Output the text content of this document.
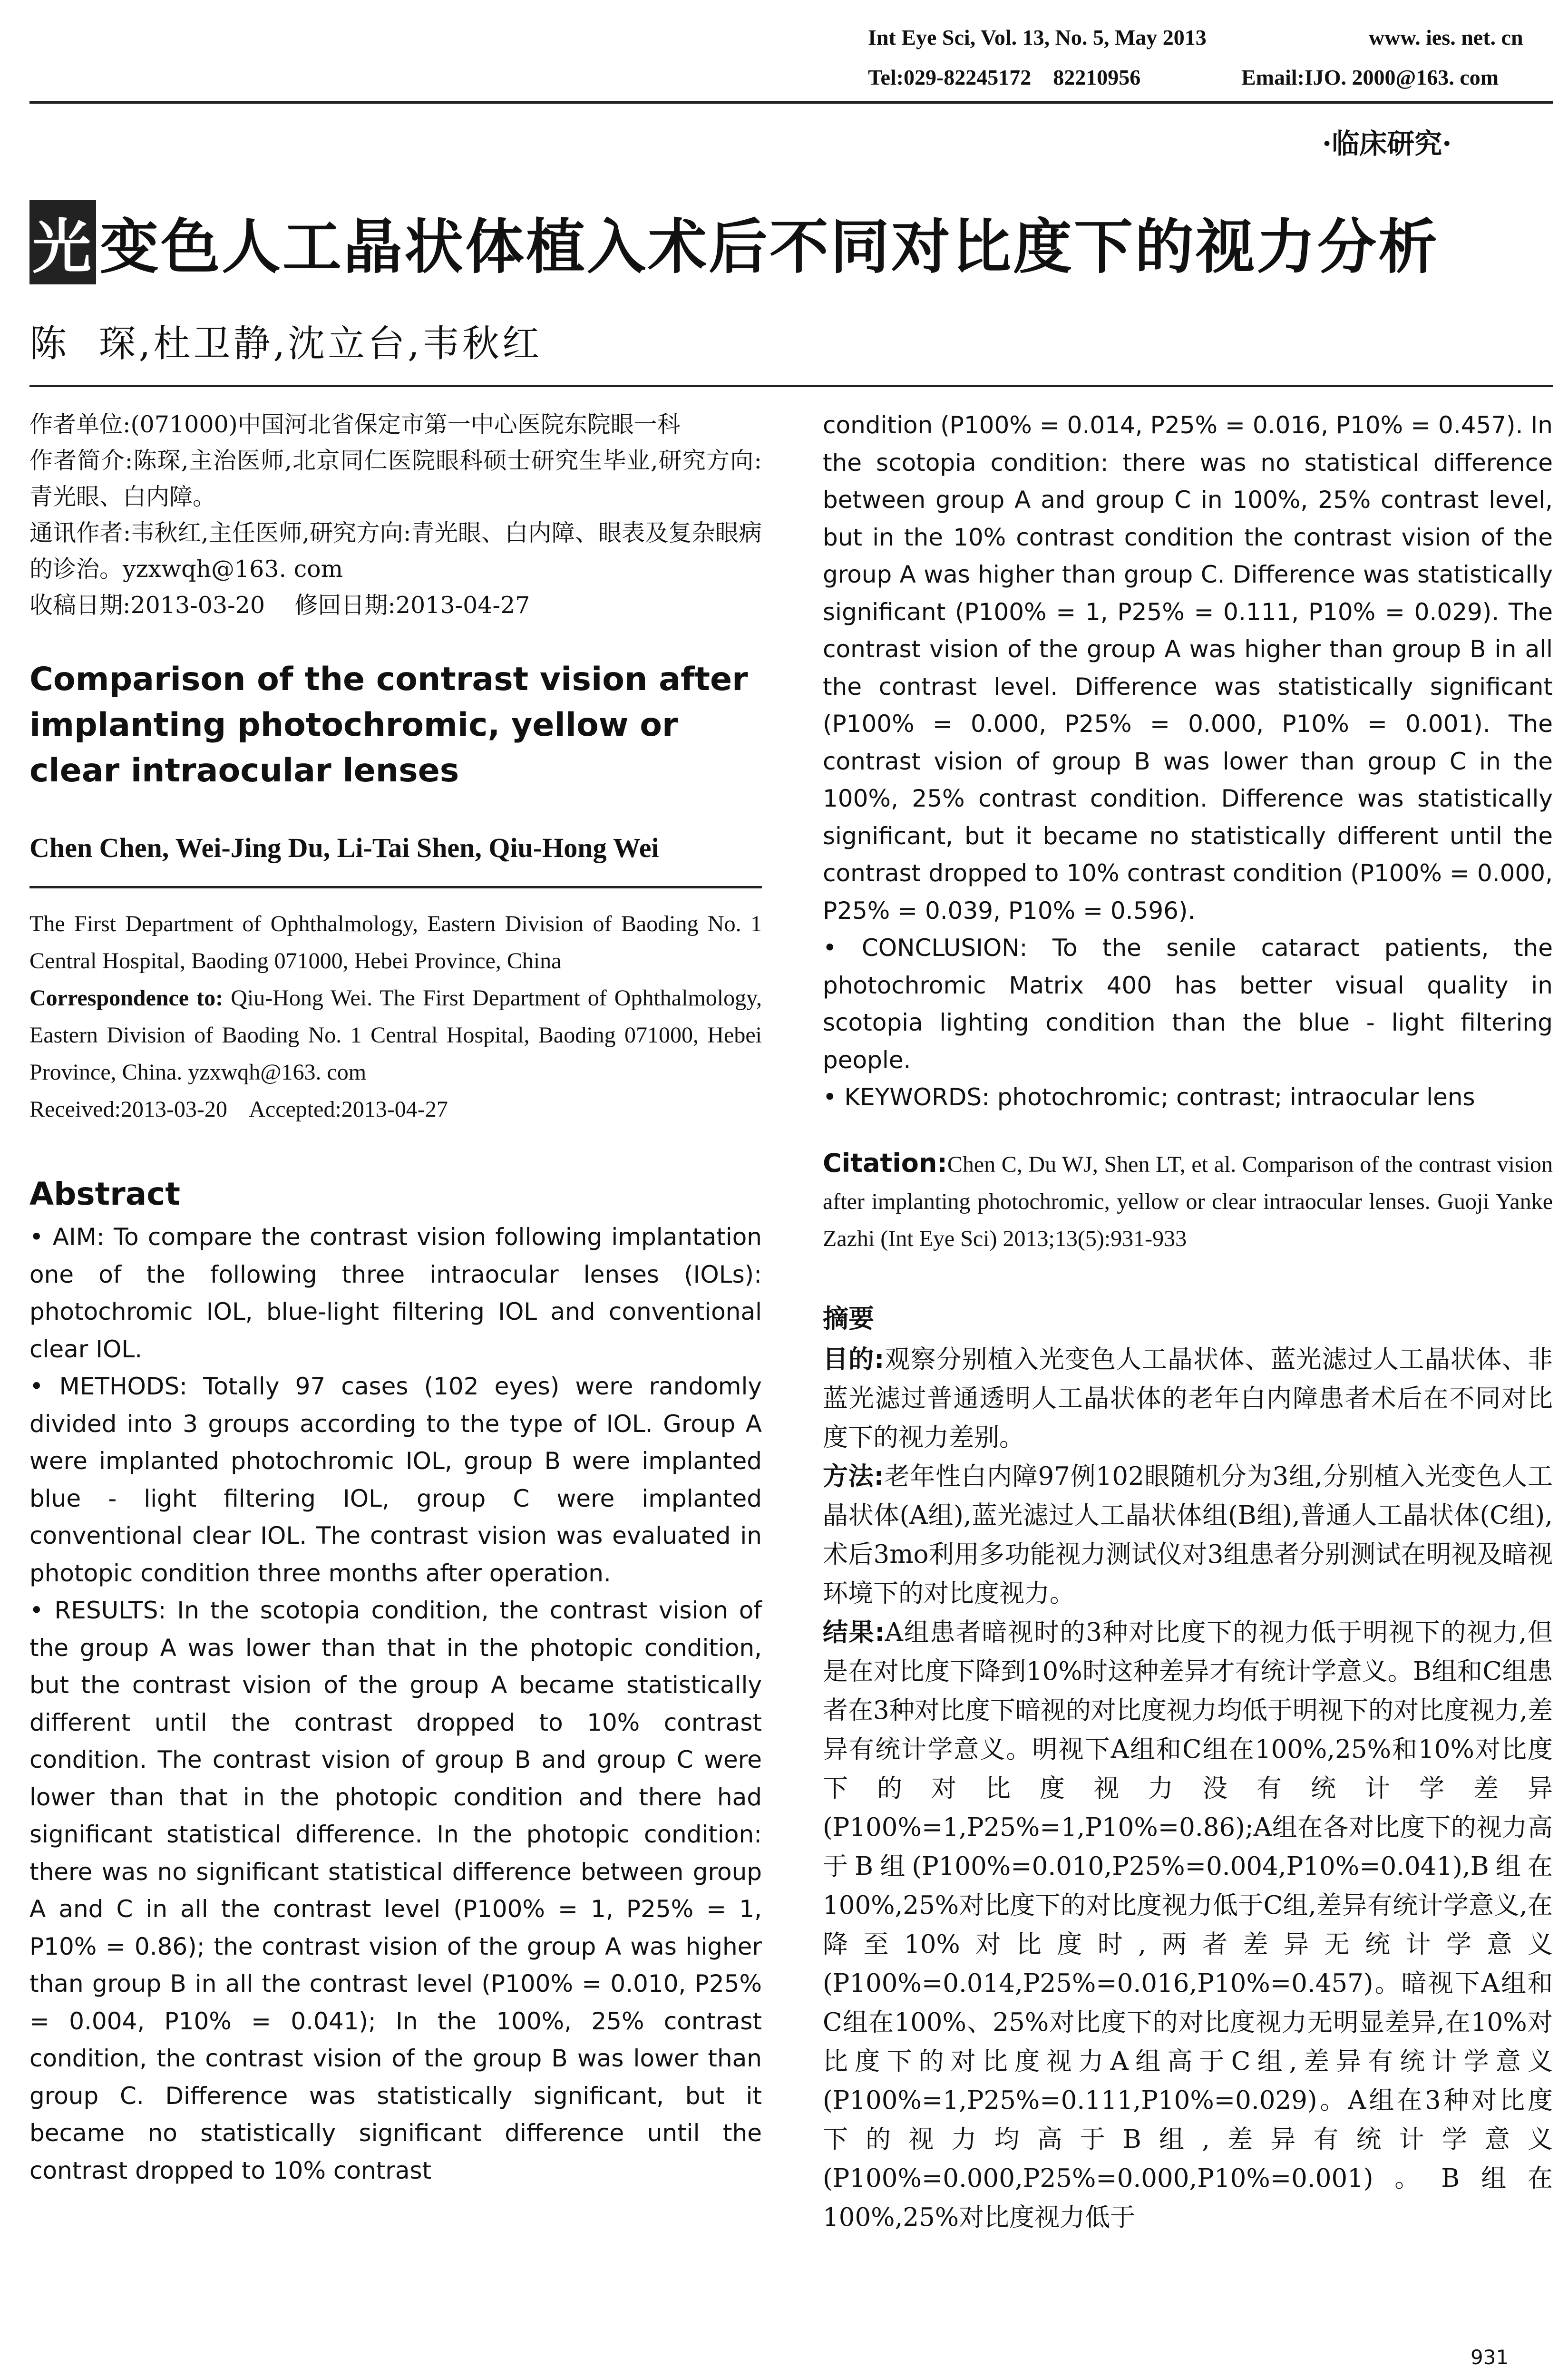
Int Eye Sci, Vol. 13, No. 5, May 2013	www. ies. net. cn
Tel:029-82245172    82210956	Email:IJO. 2000@163. com
·临床研究·
光 变色人工晶状体植入术后不同对比度下的视力分析
陈  琛,杜卫静,沈立台,韦秋红
作者单位:(071000)中国河北省保定市第一中心医院东院眼一科
作者简介:陈琛,主治医师,北京同仁医院眼科硕士研究生毕业,研究方向:青光眼、白内障。
通讯作者:韦秋红,主任医师,研究方向:青光眼、白内障、眼表及复杂眼病的诊治。yzxwqh@163. com
收稿日期:2013-03-20    修回日期:2013-04-27
Comparison of the contrast vision after implanting photochromic, yellow or clear intraocular lenses
Chen Chen, Wei-Jing Du, Li-Tai Shen, Qiu-Hong Wei
The First Department of Ophthalmology, Eastern Division of Baoding No. 1 Central Hospital, Baoding 071000, Hebei Province, China
Correspondence to: Qiu-Hong Wei. The First Department of Ophthalmology, Eastern Division of Baoding No. 1 Central Hospital, Baoding 071000, Hebei Province, China. yzxwqh@163. com
Received:2013-03-20    Accepted:2013-04-27
Abstract

• AIM: To compare the contrast vision following implantation one of the following three intraocular lenses (IOLs): photochromic IOL, blue-light filtering IOL and conventional clear IOL.

• METHODS: Totally 97 cases (102 eyes) were randomly divided into 3 groups according to the type of IOL. Group A were implanted photochromic IOL, group B were implanted blue - light filtering IOL, group C were implanted conventional clear IOL. The contrast vision was evaluated in photopic condition three months after operation.

• RESULTS: In the scotopia condition, the contrast vision of the group A was lower than that in the photopic condition, but the contrast vision of the group A became statistically different until the contrast dropped to 10% contrast condition. The contrast vision of group B and group C were lower than that in the photopic condition and there had significant statistical difference. In the photopic condition: there was no significant statistical difference between group A and C in all the contrast level (P100% = 1, P25% = 1, P10% = 0.86); the contrast vision of the group A was higher than group B in all the contrast level (P100% = 0.010, P25% = 0.004, P10% = 0.041); In the 100%, 25% contrast condition, the contrast vision of the group B was lower than group C. Difference was statistically significant, but it became no statistically significant difference until the contrast dropped to 10% contrast

condition (P100% = 0.014, P25% = 0.016, P10% = 0.457). In the scotopia condition: there was no statistical difference between group A and group C in 100%, 25% contrast level, but in the 10% contrast condition the contrast vision of the group A was higher than group C. Difference was statistically significant (P100% = 1, P25% = 0.111, P10% = 0.029). The contrast vision of the group A was higher than group B in all the contrast level. Difference was statistically significant (P100% = 0.000, P25% = 0.000, P10% = 0.001). The contrast vision of group B was lower than group C in the 100%, 25% contrast condition. Difference was statistically significant, but it became no statistically different until the contrast dropped to 10% contrast condition (P100% = 0.000, P25% = 0.039, P10% = 0.596).

• CONCLUSION: To the senile cataract patients, the photochromic Matrix 400 has better visual quality in scotopia lighting condition than the blue - light filtering people.

• KEYWORDS: photochromic; contrast; intraocular lens

Citation:Chen C, Du WJ, Shen LT, et al. Comparison of the contrast vision after implanting photochromic, yellow or clear intraocular lenses. Guoji Yanke Zazhi (Int Eye Sci) 2013;13(5):931-933
摘要

目的:观察分别植入光变色人工晶状体、蓝光滤过人工晶状体、非蓝光滤过普通透明人工晶状体的老年白内障患者术后在不同对比度下的视力差别。

方法:老年性白内障97例102眼随机分为3组,分别植入光变色人工晶状体(A组),蓝光滤过人工晶状体组(B组),普通人工晶状体(C组),术后3mo利用多功能视力测试仪对3组患者分别测试在明视及暗视环境下的对比度视力。

结果:A组患者暗视时的3种对比度下的视力低于明视下的视力,但是在对比度下降到10%时这种差异才有统计学意义。B组和C组患者在3种对比度下暗视的对比度视力均低于明视下的对比度视力,差异有统计学意义。明视下A组和C组在100%,25%和10%对比度下的对比度视力没有统计学差异(P100%=1,P25%=1,P10%=0.86);A组在各对比度下的视力高于B组(P100%=0.010,P25%=0.004,P10%=0.041),B组在100%,25%对比度下的对比度视力低于C组,差异有统计学意义,在降至10%对比度时,两者差异无统计学意义(P100%=0.014,P25%=0.016,P10%=0.457)。暗视下A组和C组在100%、25%对比度下的对比度视力无明显差异,在10%对比度下的对比度视力A组高于C组,差异有统计学意义(P100%=1,P25%=0.111,P10%=0.029)。A组在3种对比度下的视力均高于B组,差异有统计学意义(P100%=0.000,P25%=0.000,P10%=0.001)。B组在100%,25%对比度视力低于

931
